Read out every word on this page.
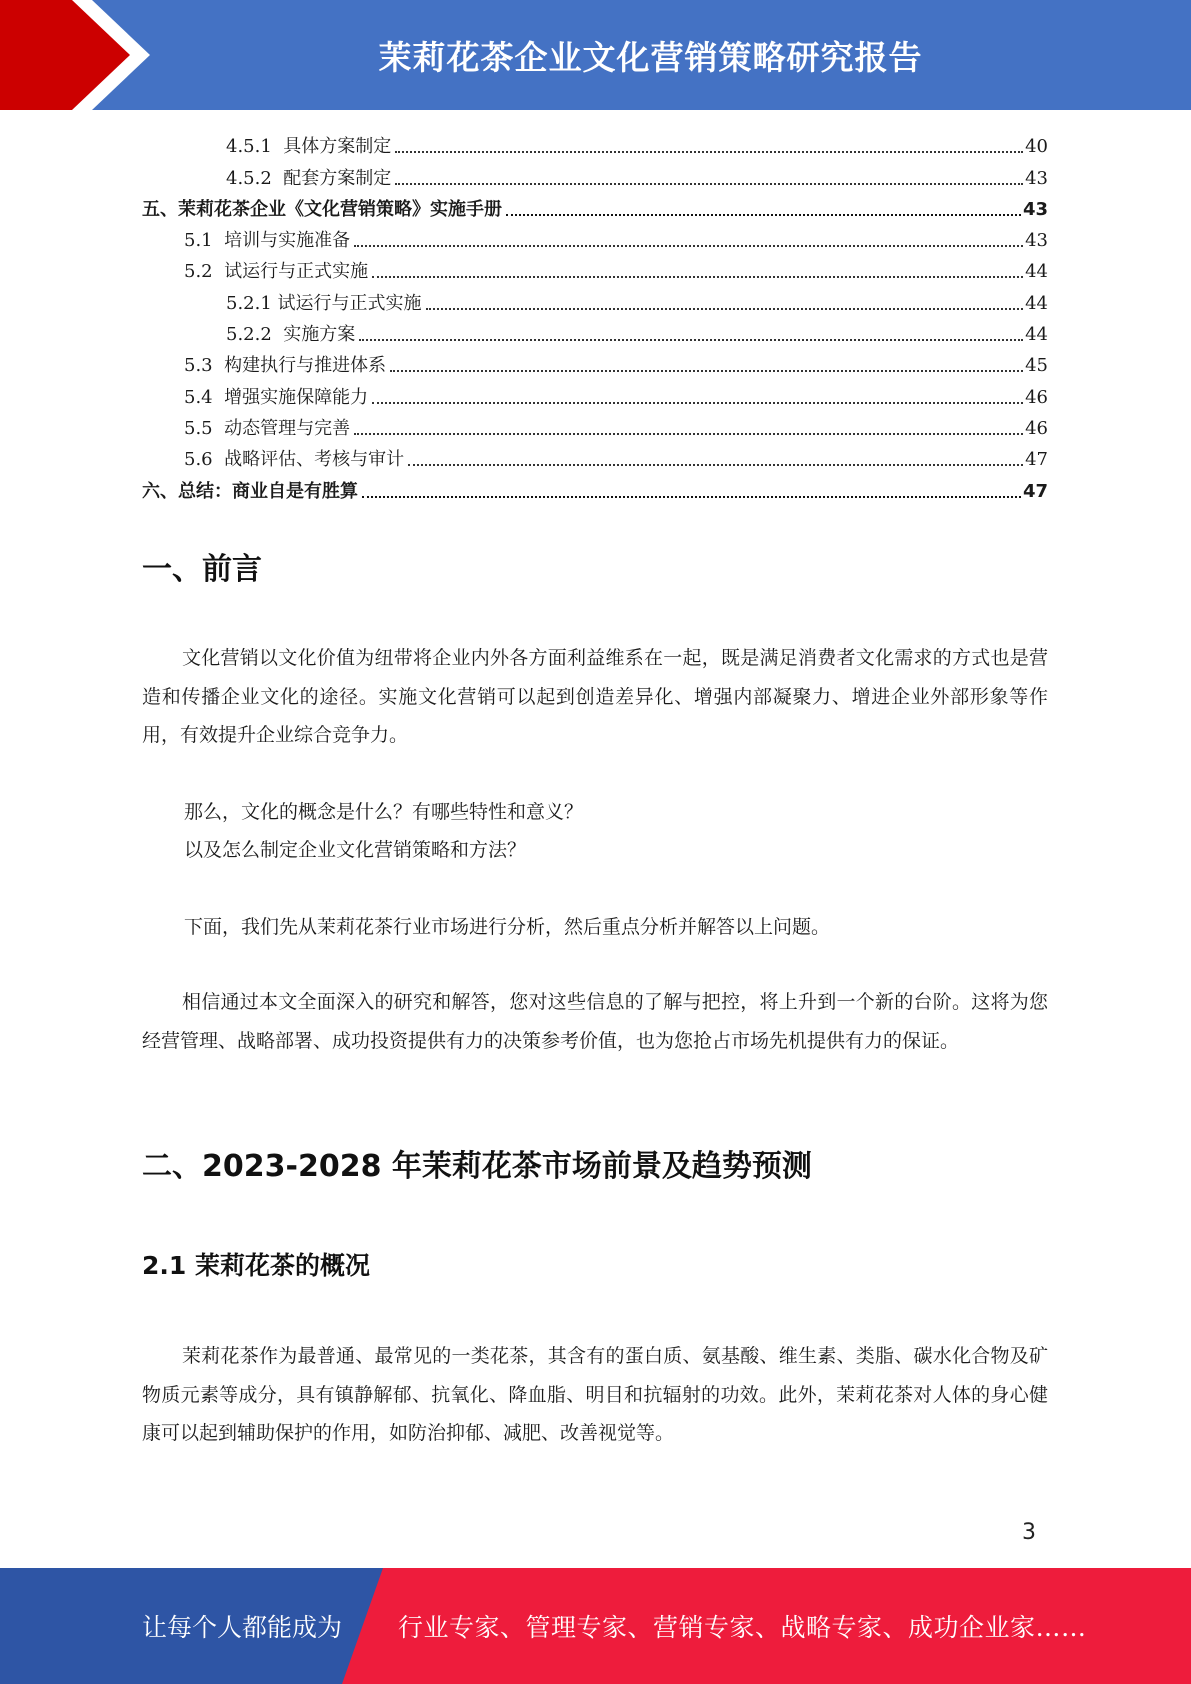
茉莉花茶企业文化营销策略研究报告
4.5.1 具体方案制定	40
4.5.2 配套方案制定	43
五、茉莉花茶企业《文化营销策略》实施手册	43
5.1 培训与实施准备	43
5.2 试运行与正式实施	44
5.2.1 试运行与正式实施	44
5.2.2 实施方案	44
5.3 构建执行与推进体系	45
5.4 增强实施保障能力	46
5.5 动态管理与完善	46
5.6 战略评估、考核与审计	47
六、总结：商业自是有胜算	47
一、前言
文化营销以文化价值为纽带将企业内外各方面利益维系在一起，既是满足消费者文化需求的方式也是营造和传播企业文化的途径。实施文化营销可以起到创造差异化、增强内部凝聚力、增进企业外部形象等作用，有效提升企业综合竞争力。
那么，文化的概念是什么？有哪些特性和意义？
以及怎么制定企业文化营销策略和方法？
下面，我们先从茉莉花茶行业市场进行分析，然后重点分析并解答以上问题。
相信通过本文全面深入的研究和解答，您对这些信息的了解与把控，将上升到一个新的台阶。这将为您经营管理、战略部署、成功投资提供有力的决策参考价值，也为您抢占市场先机提供有力的保证。
二、2023-2028 年茉莉花茶市场前景及趋势预测
2.1 茉莉花茶的概况
茉莉花茶作为最普通、最常见的一类花茶，其含有的蛋白质、氨基酸、维生素、类脂、碳水化合物及矿物质元素等成分，具有镇静解郁、抗氧化、降血脂、明目和抗辐射的功效。此外，茉莉花茶对人体的身心健康可以起到辅助保护的作用，如防治抑郁、减肥、改善视觉等。
3
让每个人都能成为 行业专家、管理专家、营销专家、战略专家、成功企业家……
